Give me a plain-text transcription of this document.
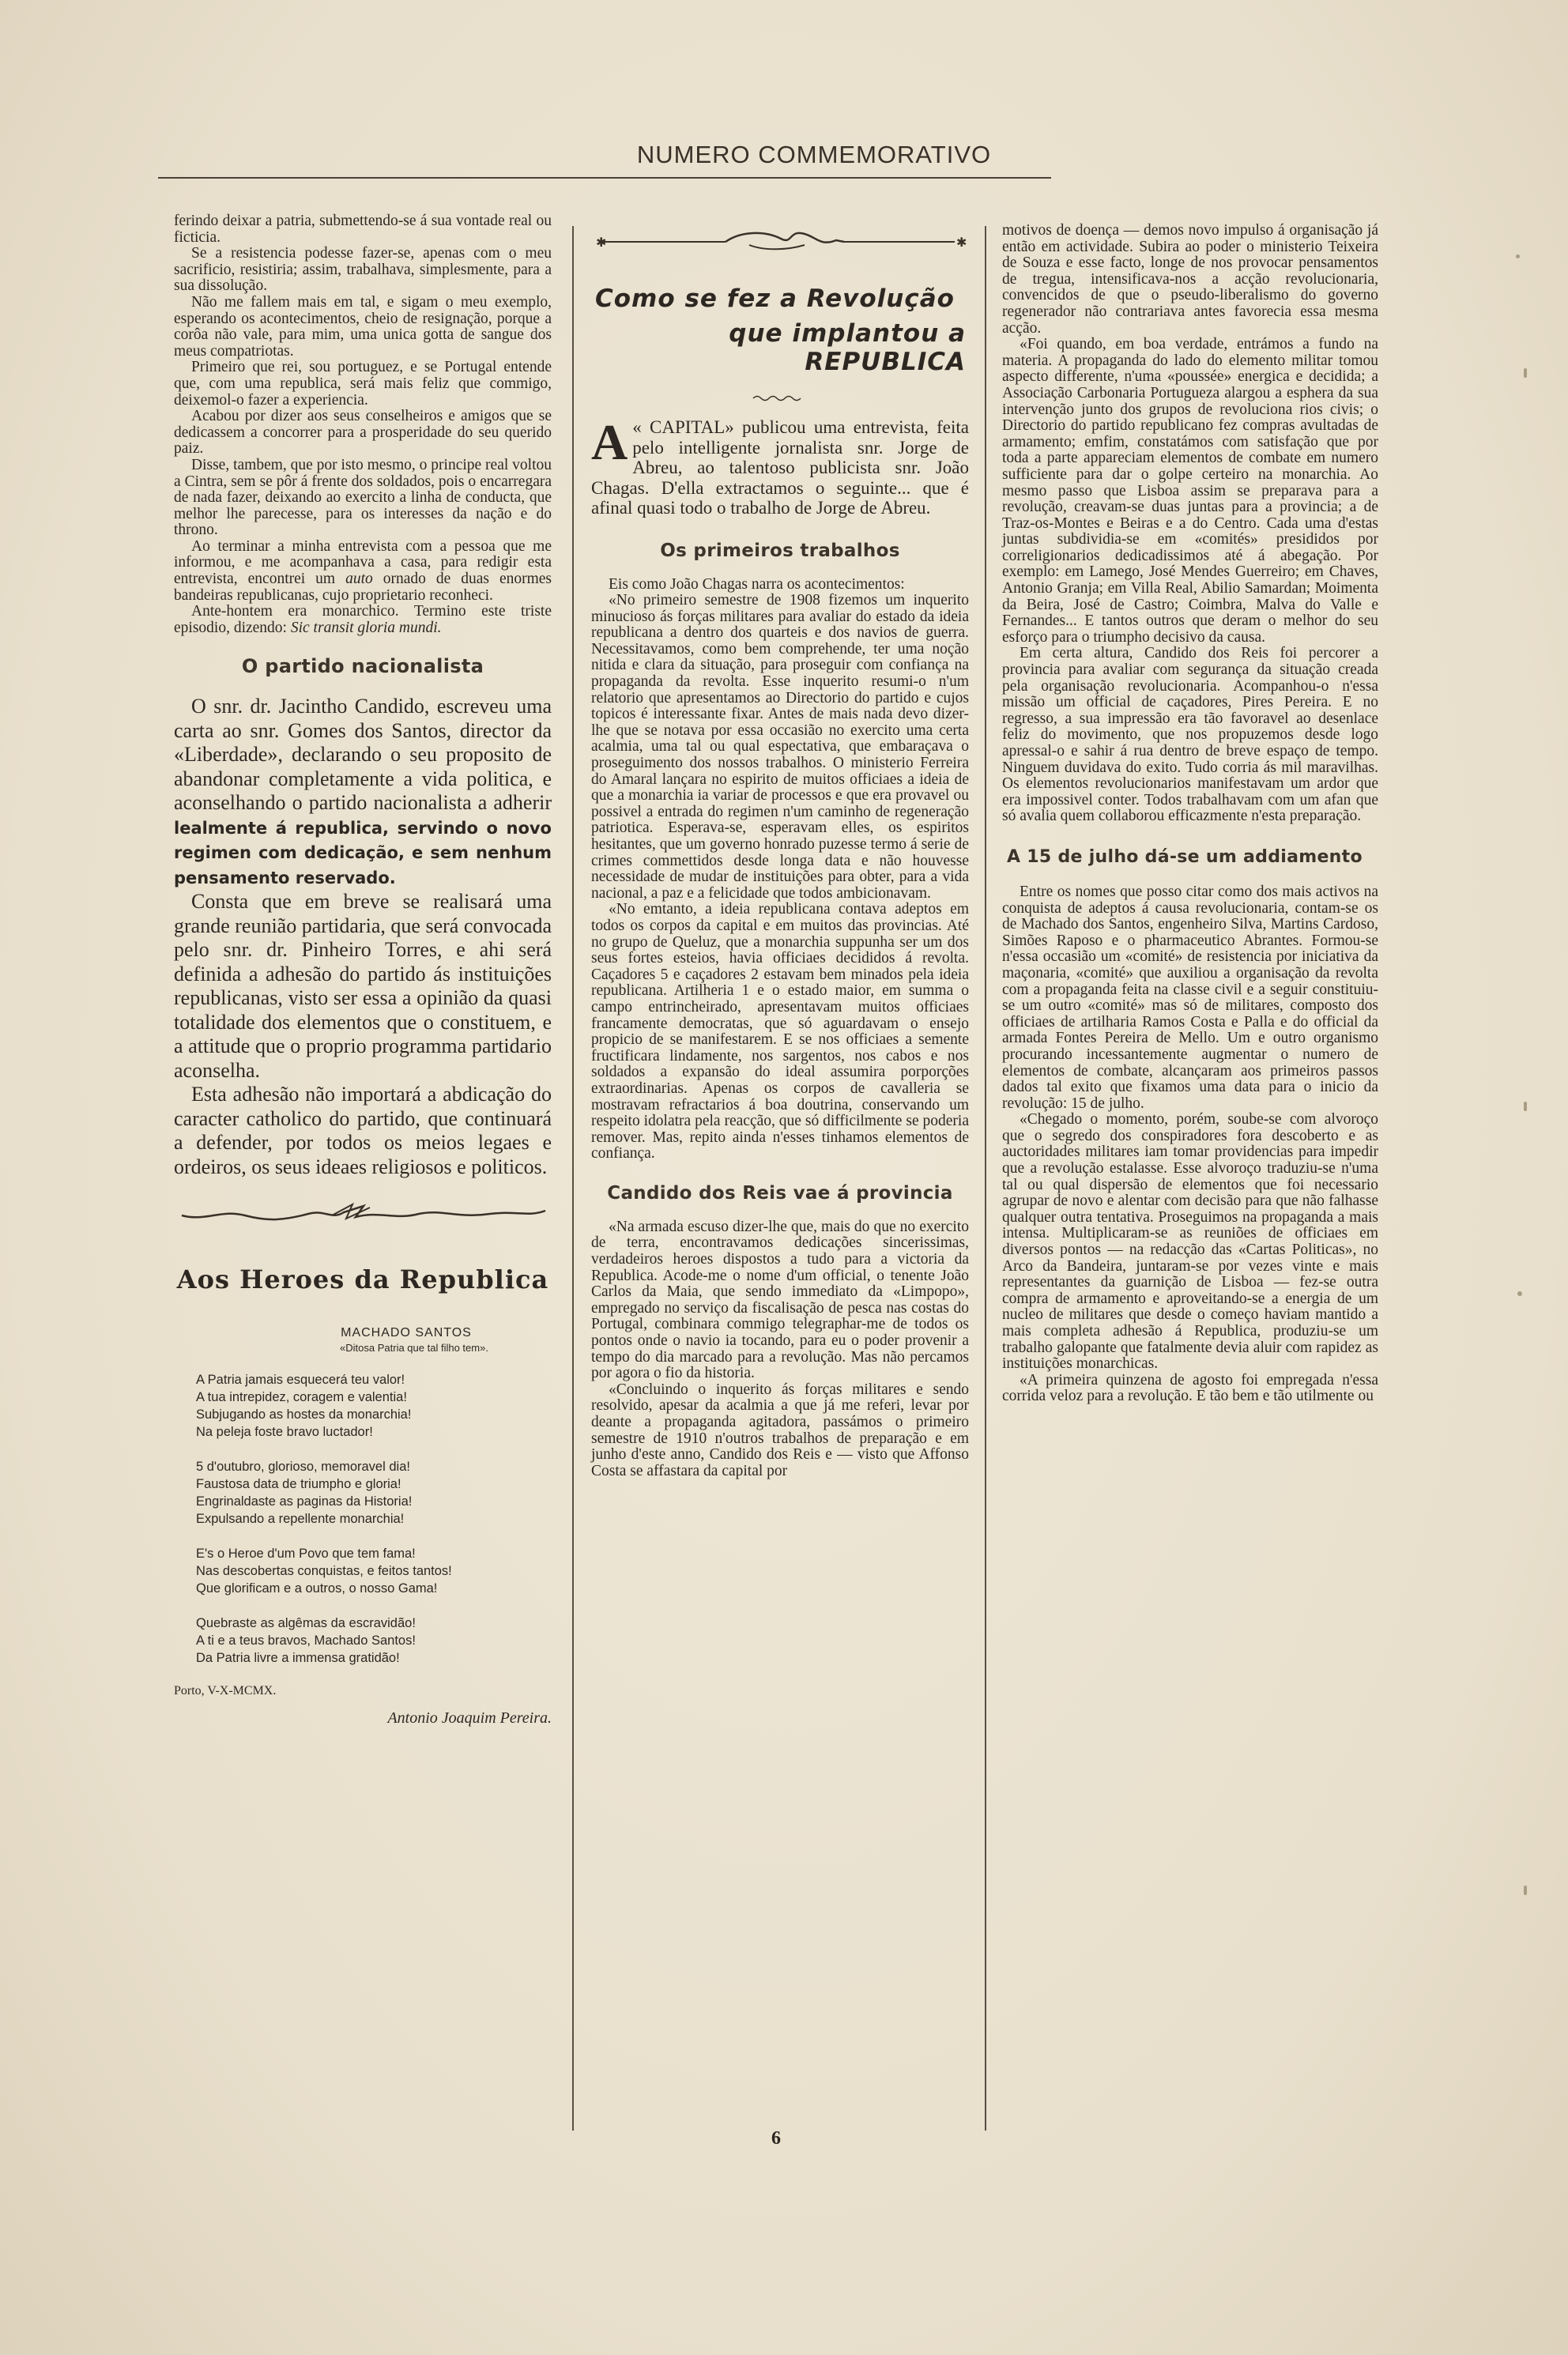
NUMERO COMMEMORATIVO

ferindo deixar a patria, submettendo-se á sua vontade real ou ficticia.

Se a resistencia podesse fazer-se, apenas com o meu sacrificio, resistiria; assim, trabalhava, simplesmente, para a sua dissolução.

Não me fallem mais em tal, e sigam o meu exemplo, esperando os acontecimentos, cheio de resignação, porque a corôa não vale, para mim, uma unica gotta de sangue dos meus compatriotas.

Primeiro que rei, sou portuguez, e se Portugal entende que, com uma republica, será mais feliz que commigo, deixemol-o fazer a experiencia.

Acabou por dizer aos seus conselheiros e amigos que se dedicassem a concorrer para a prosperidade do seu querido paiz.

Disse, tambem, que por isto mesmo, o principe real voltou a Cintra, sem se pôr á frente dos soldados, pois o encarregara de nada fazer, deixando ao exercito a linha de conducta, que melhor lhe parecesse, para os interesses da nação e do throno.

Ao terminar a minha entrevista com a pessoa que me informou, e me acompanhava a casa, para redigir esta entrevista, encontrei um auto ornado de duas enormes bandeiras republicanas, cujo proprietario reconheci.

Ante-hontem era monarchico. Termino este triste episodio, dizendo: Sic transit gloria mundi.

O partido nacionalista

O snr. dr. Jacintho Candido, escreveu uma carta ao snr. Gomes dos Santos, director da «Liberdade», declarando o seu proposito de abandonar completamente a vida politica, e aconselhando o partido nacionalista a adherir lealmente á republica, servindo o novo regimen com dedicação, e sem nenhum pensamento reservado.

Consta que em breve se realisará uma grande reunião partidaria, que será convocada pelo snr. dr. Pinheiro Torres, e ahi será definida a adhesão do partido ás instituições republicanas, visto ser essa a opinião da quasi totalidade dos elementos que o constituem, e a attitude que o proprio programma partidario aconselha.

Esta adhesão não importará a abdicação do caracter catholico do partido, que continuará a defender, por todos os meios legaes e ordeiros, os seus ideaes religiosos e politicos.

Aos Heroes da Republica
MACHADO SANTOS
«Ditosa Patria que tal filho tem».
A Patria jamais esquecerá teu valor!
A tua intrepidez, coragem e valentia!
Subjugando as hostes da monarchia!
Na peleja foste bravo luctador!
5 d'outubro, glorioso, memoravel dia!
Faustosa data de triumpho e gloria!
Engrinaldaste as paginas da Historia!
Expulsando a repellente monarchia!
E's o Heroe d'um Povo que tem fama!
Nas descobertas conquistas, e feitos tantos!
Que glorificam e a outros, o nosso Gama!
Quebraste as algêmas da escravidão!
A ti e a teus bravos, Machado Santos!
Da Patria livre a immensa gratidão!
Porto, V-X-MCMX.
Antonio Joaquim Pereira.
✱	✱
Como se fez a Revolução
que implantou a REPUBLICA

«
A CAPITAL» publicou uma entrevista, feita pelo intelligente jornalista snr. Jorge de Abreu, ao talentoso publicista snr. João Chagas. D'ella extractamos o seguinte... que é afinal quasi todo o trabalho de Jorge de Abreu.

Os primeiros trabalhos

Eis como João Chagas narra os acontecimentos:

«No primeiro semestre de 1908 fizemos um inquerito minucioso ás forças militares para avaliar do estado da ideia republicana a dentro dos quarteis e dos navios de guerra. Necessitavamos, como bem comprehende, ter uma noção nitida e clara da situação, para proseguir com confiança na propaganda da revolta. Esse inquerito resumi-o n'um relatorio que apresentamos ao Directorio do partido e cujos topicos é interessante fixar. Antes de mais nada devo dizer-lhe que se notava por essa occasião no exercito uma certa acalmia, uma tal ou qual espectativa, que embaraçava o proseguimento dos nossos trabalhos. O ministerio Ferreira do Amaral lançara no espirito de muitos officiaes a ideia de que a monarchia ia variar de processos e que era provavel ou possivel a entrada do regimen n'um caminho de regeneração patriotica. Esperava-se, esperavam elles, os espiritos hesitantes, que um governo honrado puzesse termo á serie de crimes commettidos desde longa data e não houvesse necessidade de mudar de instituições para obter, para a vida nacional, a paz e a felicidade que todos ambicionavam.

«No emtanto, a ideia republicana contava adeptos em todos os corpos da capital e em muitos das provincias. Até no grupo de Queluz, que a monarchia suppunha ser um dos seus fortes esteios, havia officiaes decididos á revolta. Caçadores 5 e caçadores 2 estavam bem minados pela ideia republicana. Artilheria 1 e o estado maior, em summa o campo entrincheirado, apresentavam muitos officiaes francamente democratas, que só aguardavam o ensejo propicio de se manifestarem. E se nos officiaes a semente fructificara lindamente, nos sargentos, nos cabos e nos soldados a expansão do ideal assumira porporções extraordinarias. Apenas os corpos de cavalleria se mostravam refractarios á boa doutrina, conservando um respeito idolatra pela reacção, que só difficilmente se poderia remover. Mas, repito ainda n'esses tinhamos elementos de confiança.

Candido dos Reis vae á provincia

«Na armada escuso dizer-lhe que, mais do que no exercito de terra, encontravamos dedicações sincerissimas, verdadeiros heroes dispostos a tudo para a victoria da Republica. Acode-me o nome d'um official, o tenente João Carlos da Maia, que sendo immediato da «Limpopo», empregado no serviço da fiscalisação de pesca nas costas do Portugal, combinara commigo telegraphar-me de todos os pontos onde o navio ia tocando, para eu o poder provenir a tempo do dia marcado para a revolução. Mas não percamos por agora o fio da historia.

«Concluindo o inquerito ás forças militares e sendo resolvido, apesar da acalmia a que já me referi, levar por deante a propaganda agitadora, passámos o primeiro semestre de 1910 n'outros trabalhos de preparação e em junho d'este anno, Candido dos Reis e — visto que Affonso Costa se affastara da capital por

motivos de doença — demos novo impulso á organisação já então em actividade. Subira ao poder o ministerio Teixeira de Souza e esse facto, longe de nos provocar pensamentos de tregua, intensificava-nos a acção revolucionaria, convencidos de que o pseudo-liberalismo do governo regenerador não contrariava antes favorecia essa mesma acção.

«Foi quando, em boa verdade, entrámos a fundo na materia. A propaganda do lado do elemento militar tomou aspecto differente, n'uma «poussée» energica e decidida; a Associação Carbonaria Portugueza alargou a esphera da sua intervenção junto dos grupos de revoluciona rios civis; o Directorio do partido republicano fez compras avultadas de armamento; emfim, constatámos com satisfação que por toda a parte appareciam elementos de combate em numero sufficiente para dar o golpe certeiro na monarchia. Ao mesmo passo que Lisboa assim se preparava para a revolução, creavam-se duas juntas para a provincia; a de Traz-os-Montes e Beiras e a do Centro. Cada uma d'estas juntas subdividia-se em «comités» presididos por correligionarios dedicadissimos até á abegação. Por exemplo: em Lamego, José Mendes Guerreiro; em Chaves, Antonio Granja; em Villa Real, Abilio Samardan; Moimenta da Beira, José de Castro; Coimbra, Malva do Valle e Fernandes... E tantos outros que deram o melhor do seu esforço para o triumpho decisivo da causa.

Em certa altura, Candido dos Reis foi percorer a provincia para avaliar com segurança da situação creada pela organisação revolucionaria. Acompanhou-o n'essa missão um official de caçadores, Pires Pereira. E no regresso, a sua impressão era tão favoravel ao desenlace feliz do movimento, que nos propuzemos desde logo apressal-o e sahir á rua dentro de breve espaço de tempo. Ninguem duvidava do exito. Tudo corria ás mil maravilhas. Os elementos revolucionarios manifestavam um ardor que era impossivel conter. Todos trabalhavam com um afan que só avalia quem collaborou efficazmente n'esta preparação.

A 15 de julho dá-se um addiamento

Entre os nomes que posso citar como dos mais activos na conquista de adeptos á causa revolucionaria, contam-se os de Machado dos Santos, engenheiro Silva, Martins Cardoso, Simões Raposo e o pharmaceutico Abrantes. Formou-se n'essa occasião um «comité» de resistencia por iniciativa da maçonaria, «comité» que auxiliou a organisação da revolta com a propaganda feita na classe civil e a seguir constituiu-se um outro «comité» mas só de militares, composto dos officiaes de artilharia Ramos Costa e Palla e do official da armada Fontes Pereira de Mello. Um e outro organismo procurando incessantemente augmentar o numero de elementos de combate, alcançaram aos primeiros passos dados tal exito que fixamos uma data para o inicio da revolução: 15 de julho.

«Chegado o momento, porém, soube-se com alvoroço que o segredo dos conspiradores fora descoberto e as auctoridades militares iam tomar providencias para impedir que a revolução estalasse. Esse alvoroço traduziu-se n'uma tal ou qual dispersão de elementos que foi necessario agrupar de novo e alentar com decisão para que não falhasse qualquer outra tentativa. Proseguimos na propaganda a mais intensa. Multiplicaram-se as reuniões de officiaes em diversos pontos — na redacção das «Cartas Politicas», no Arco da Bandeira, juntaram-se por vezes vinte e mais representantes da guarnição de Lisboa — fez-se outra compra de armamento e aproveitando-se a energia de um nucleo de militares que desde o começo haviam mantido a mais completa adhesão á Republica, produziu-se um trabalho galopante que fatalmente devia aluir com rapidez as instituições monarchicas.

«A primeira quinzena de agosto foi empregada n'essa corrida veloz para a revolução. E tão bem e tão utilmente ou

6
